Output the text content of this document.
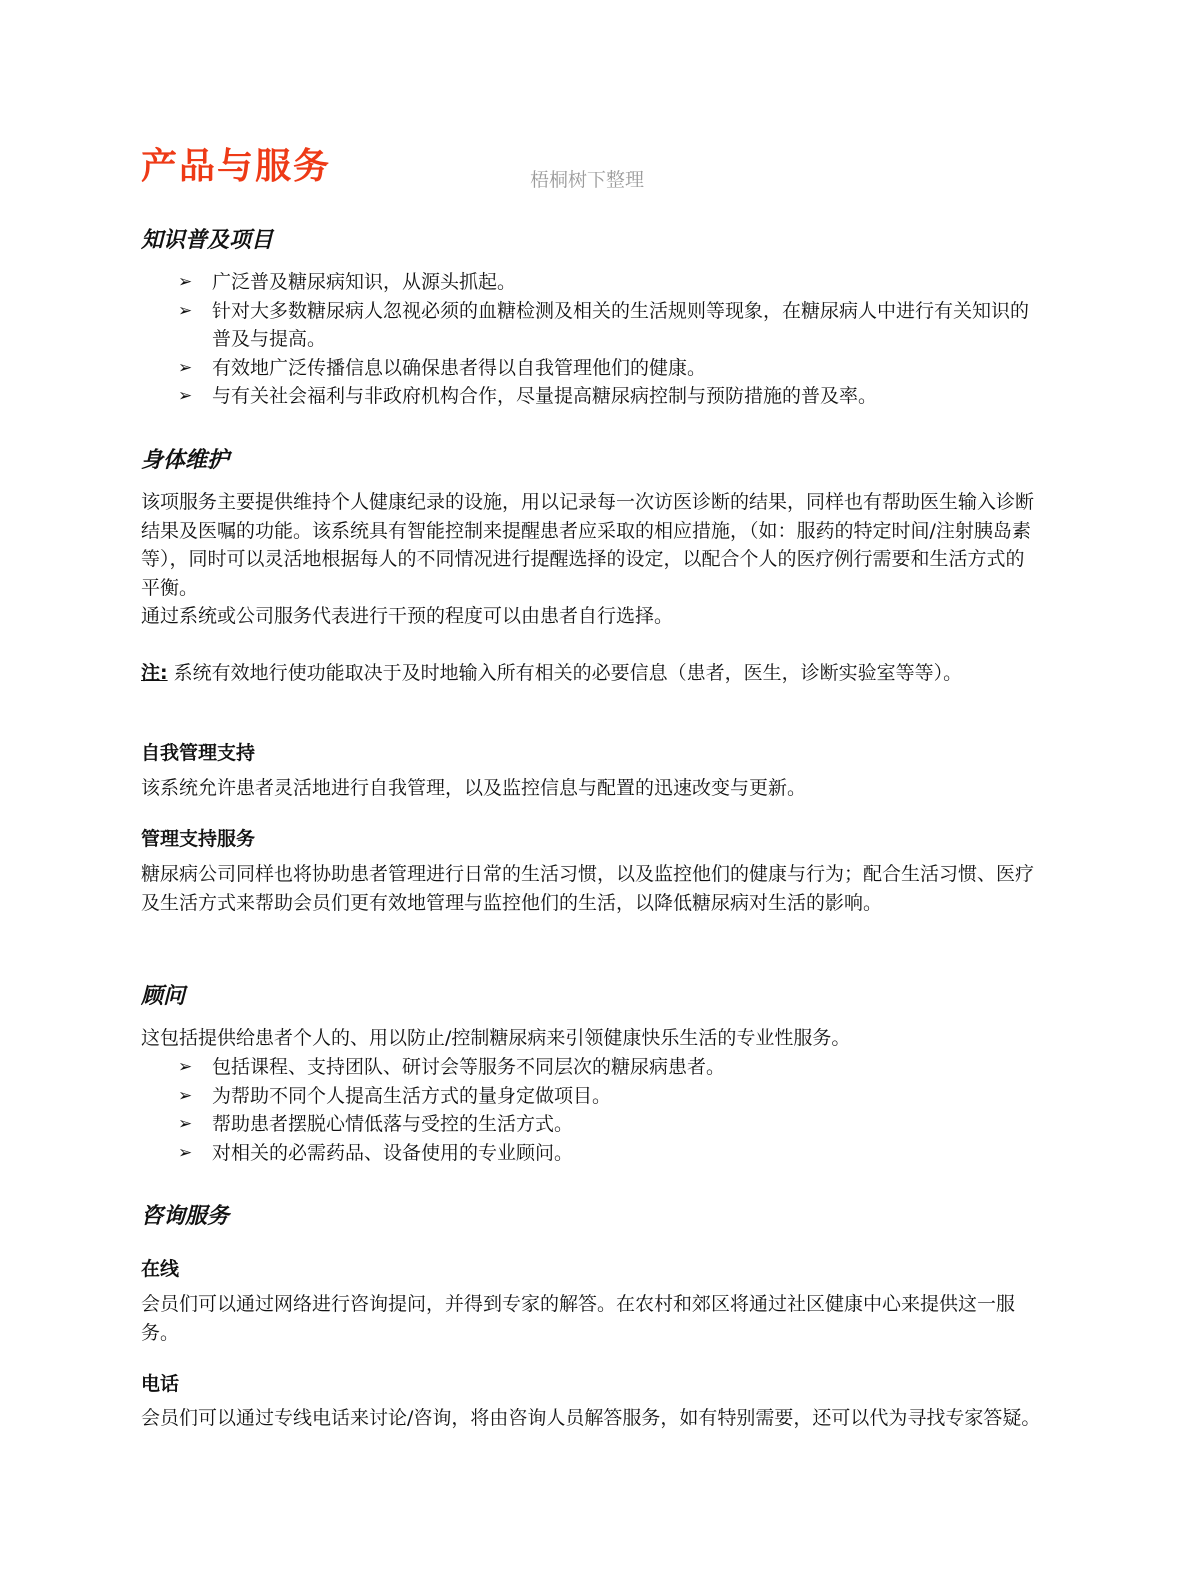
产品与服务	梧桐树下整理
知识普及项目
➢ 广泛普及糖尿病知识，从源头抓起。
➢ 针对大多数糖尿病人忽视必须的血糖检测及相关的生活规则等现象，在糖尿病人中进行有关知识的普及与提高。
➢ 有效地广泛传播信息以确保患者得以自我管理他们的健康。
➢ 与有关社会福利与非政府机构合作，尽量提高糖尿病控制与预防措施的普及率。
身体维护

该项服务主要提供维持个人健康纪录的设施，用以记录每一次访医诊断的结果，同样也有帮助医生输入诊断结果及医嘱的功能。该系统具有智能控制来提醒患者应采取的相应措施，（如：服药的特定时间/注射胰岛素等），同时可以灵活地根据每人的不同情况进行提醒选择的设定，以配合个人的医疗例行需要和生活方式的平衡。

通过系统或公司服务代表进行干预的程度可以由患者自行选择。

注: 系统有效地行使功能取决于及时地输入所有相关的必要信息（患者，医生，诊断实验室等等）。

自我管理支持

该系统允许患者灵活地进行自我管理，以及监控信息与配置的迅速改变与更新。

管理支持服务

糖尿病公司同样也将协助患者管理进行日常的生活习惯，以及监控他们的健康与行为；配合生活习惯、医疗及生活方式来帮助会员们更有效地管理与监控他们的生活，以降低糖尿病对生活的影响。

顾问

这包括提供给患者个人的、用以防止/控制糖尿病来引领健康快乐生活的专业性服务。

➢ 包括课程、支持团队、研讨会等服务不同层次的糖尿病患者。
➢ 为帮助不同个人提高生活方式的量身定做项目。
➢ 帮助患者摆脱心情低落与受控的生活方式。
➢ 对相关的必需药品、设备使用的专业顾问。
咨询服务
在线

会员们可以通过网络进行咨询提问，并得到专家的解答。在农村和郊区将通过社区健康中心来提供这一服务。

电话

会员们可以通过专线电话来讨论/咨询，将由咨询人员解答服务，如有特别需要，还可以代为寻找专家答疑。
